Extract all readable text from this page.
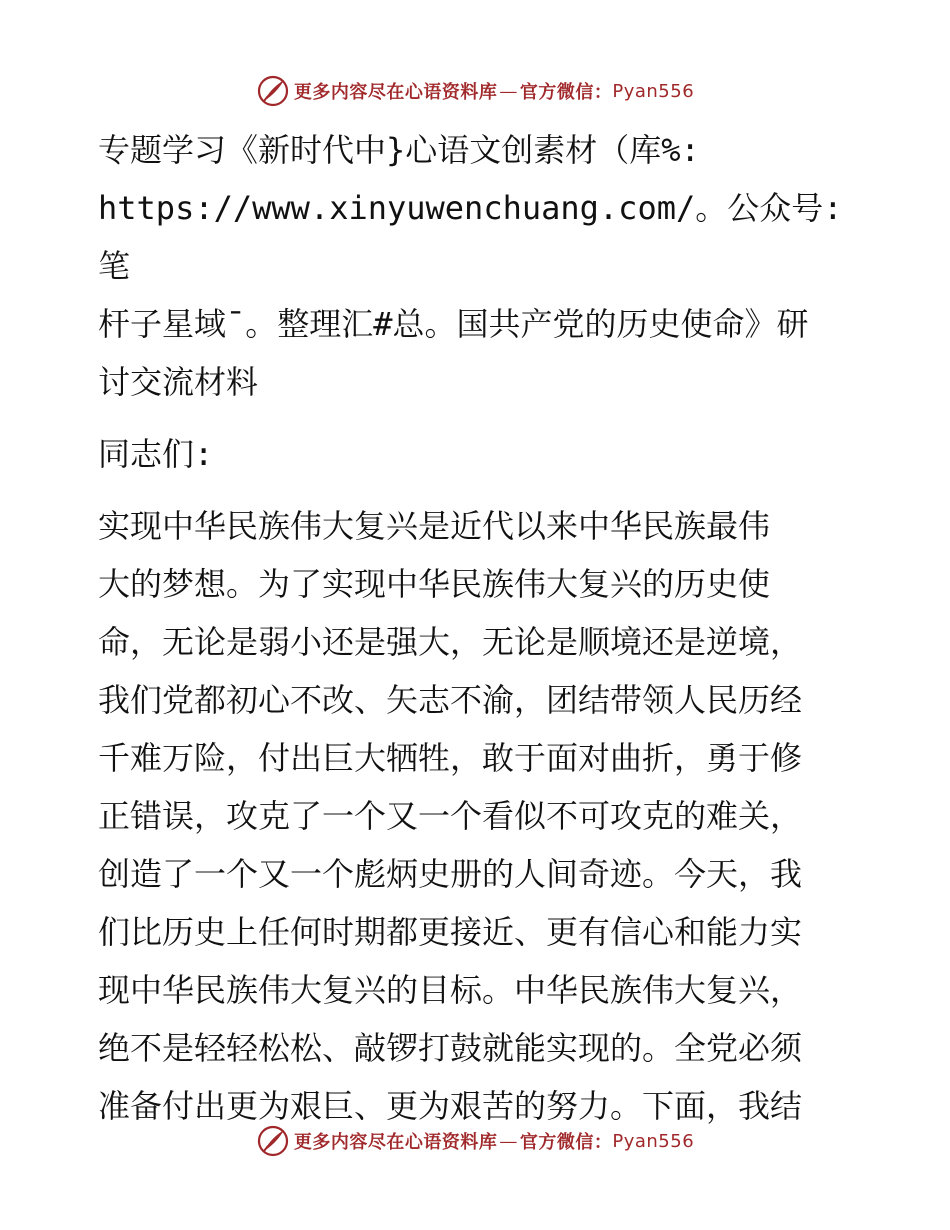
更多内容尽在心语资料库 — 官方微信： Pyan556

专题学习《新时代中}心语文创素材（库%:
https://www.xinyuwenchuang.com/。公众号: 笔
杆子星域¯。整理汇#总。国共产党的历史使命》研
讨交流材料

同志们:

实现中华民族伟大复兴是近代以来中华民族最伟
大的梦想。为了实现中华民族伟大复兴的历史使
命，无论是弱小还是强大，无论是顺境还是逆境，
我们党都初心不改、矢志不渝，团结带领人民历经
千难万险，付出巨大牺牲，敢于面对曲折，勇于修
正错误，攻克了一个又一个看似不可攻克的难关，
创造了一个又一个彪炳史册的人间奇迹。今天，我
们比历史上任何时期都更接近、更有信心和能力实
现中华民族伟大复兴的目标。中华民族伟大复兴，
绝不是轻轻松松、敲锣打鼓就能实现的。全党必须
准备付出更为艰巨、更为艰苦的努力。下面，我结

更多内容尽在心语资料库 — 官方微信： Pyan556
